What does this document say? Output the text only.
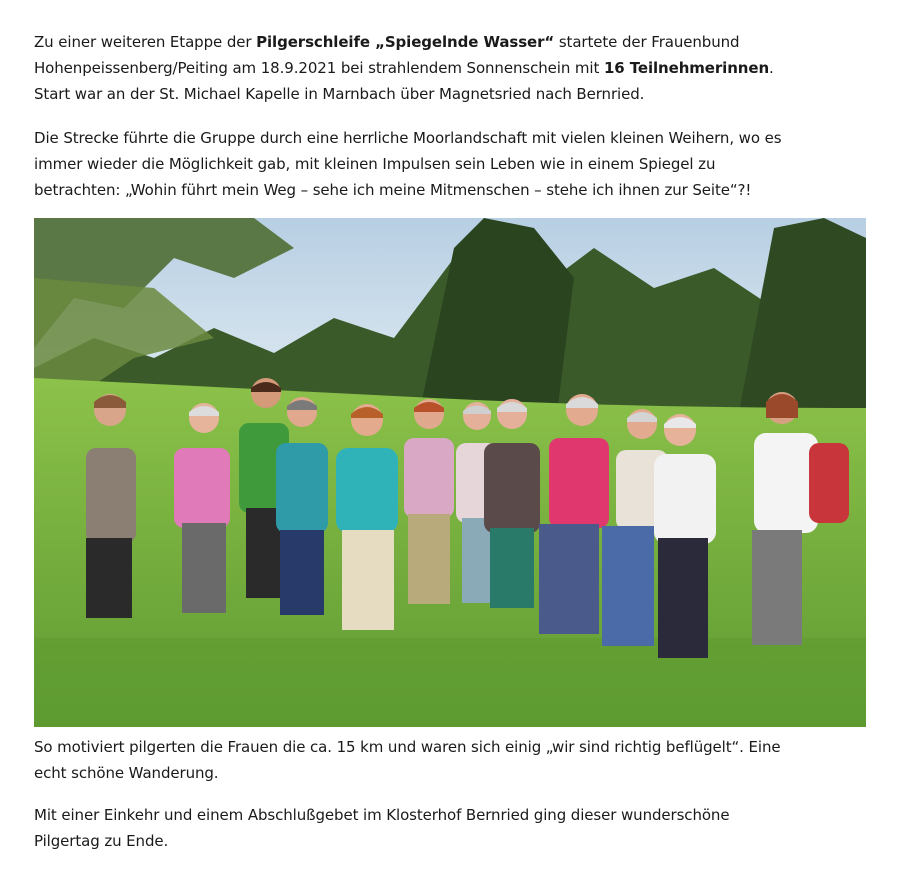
Zu einer weiteren Etappe der Pilgerschleife „Spiegelnde Wasser“ startete der Frauenbund
Hohenpeissenberg/Peiting am 18.9.2021 bei strahlendem Sonnenschein mit 16 Teilnehmerinnen.
Start war an der St. Michael Kapelle in Marnbach über Magnetsried nach Bernried.

Die Strecke führte die Gruppe durch eine herrliche Moorlandschaft mit vielen kleinen Weihern, wo es
immer wieder die Möglichkeit gab, mit kleinen Impulsen sein Leben wie in einem Spiegel zu
betrachten: „Wohin führt mein Weg – sehe ich meine Mitmenschen – stehe ich ihnen zur Seite“?!

So motiviert pilgerten die Frauen die ca. 15 km und waren sich einig „wir sind richtig beflügelt“. Eine
echt schöne Wanderung.

Mit einer Einkehr und einem Abschlußgebet im Klosterhof Bernried ging dieser wunderschöne
Pilgertag zu Ende.
